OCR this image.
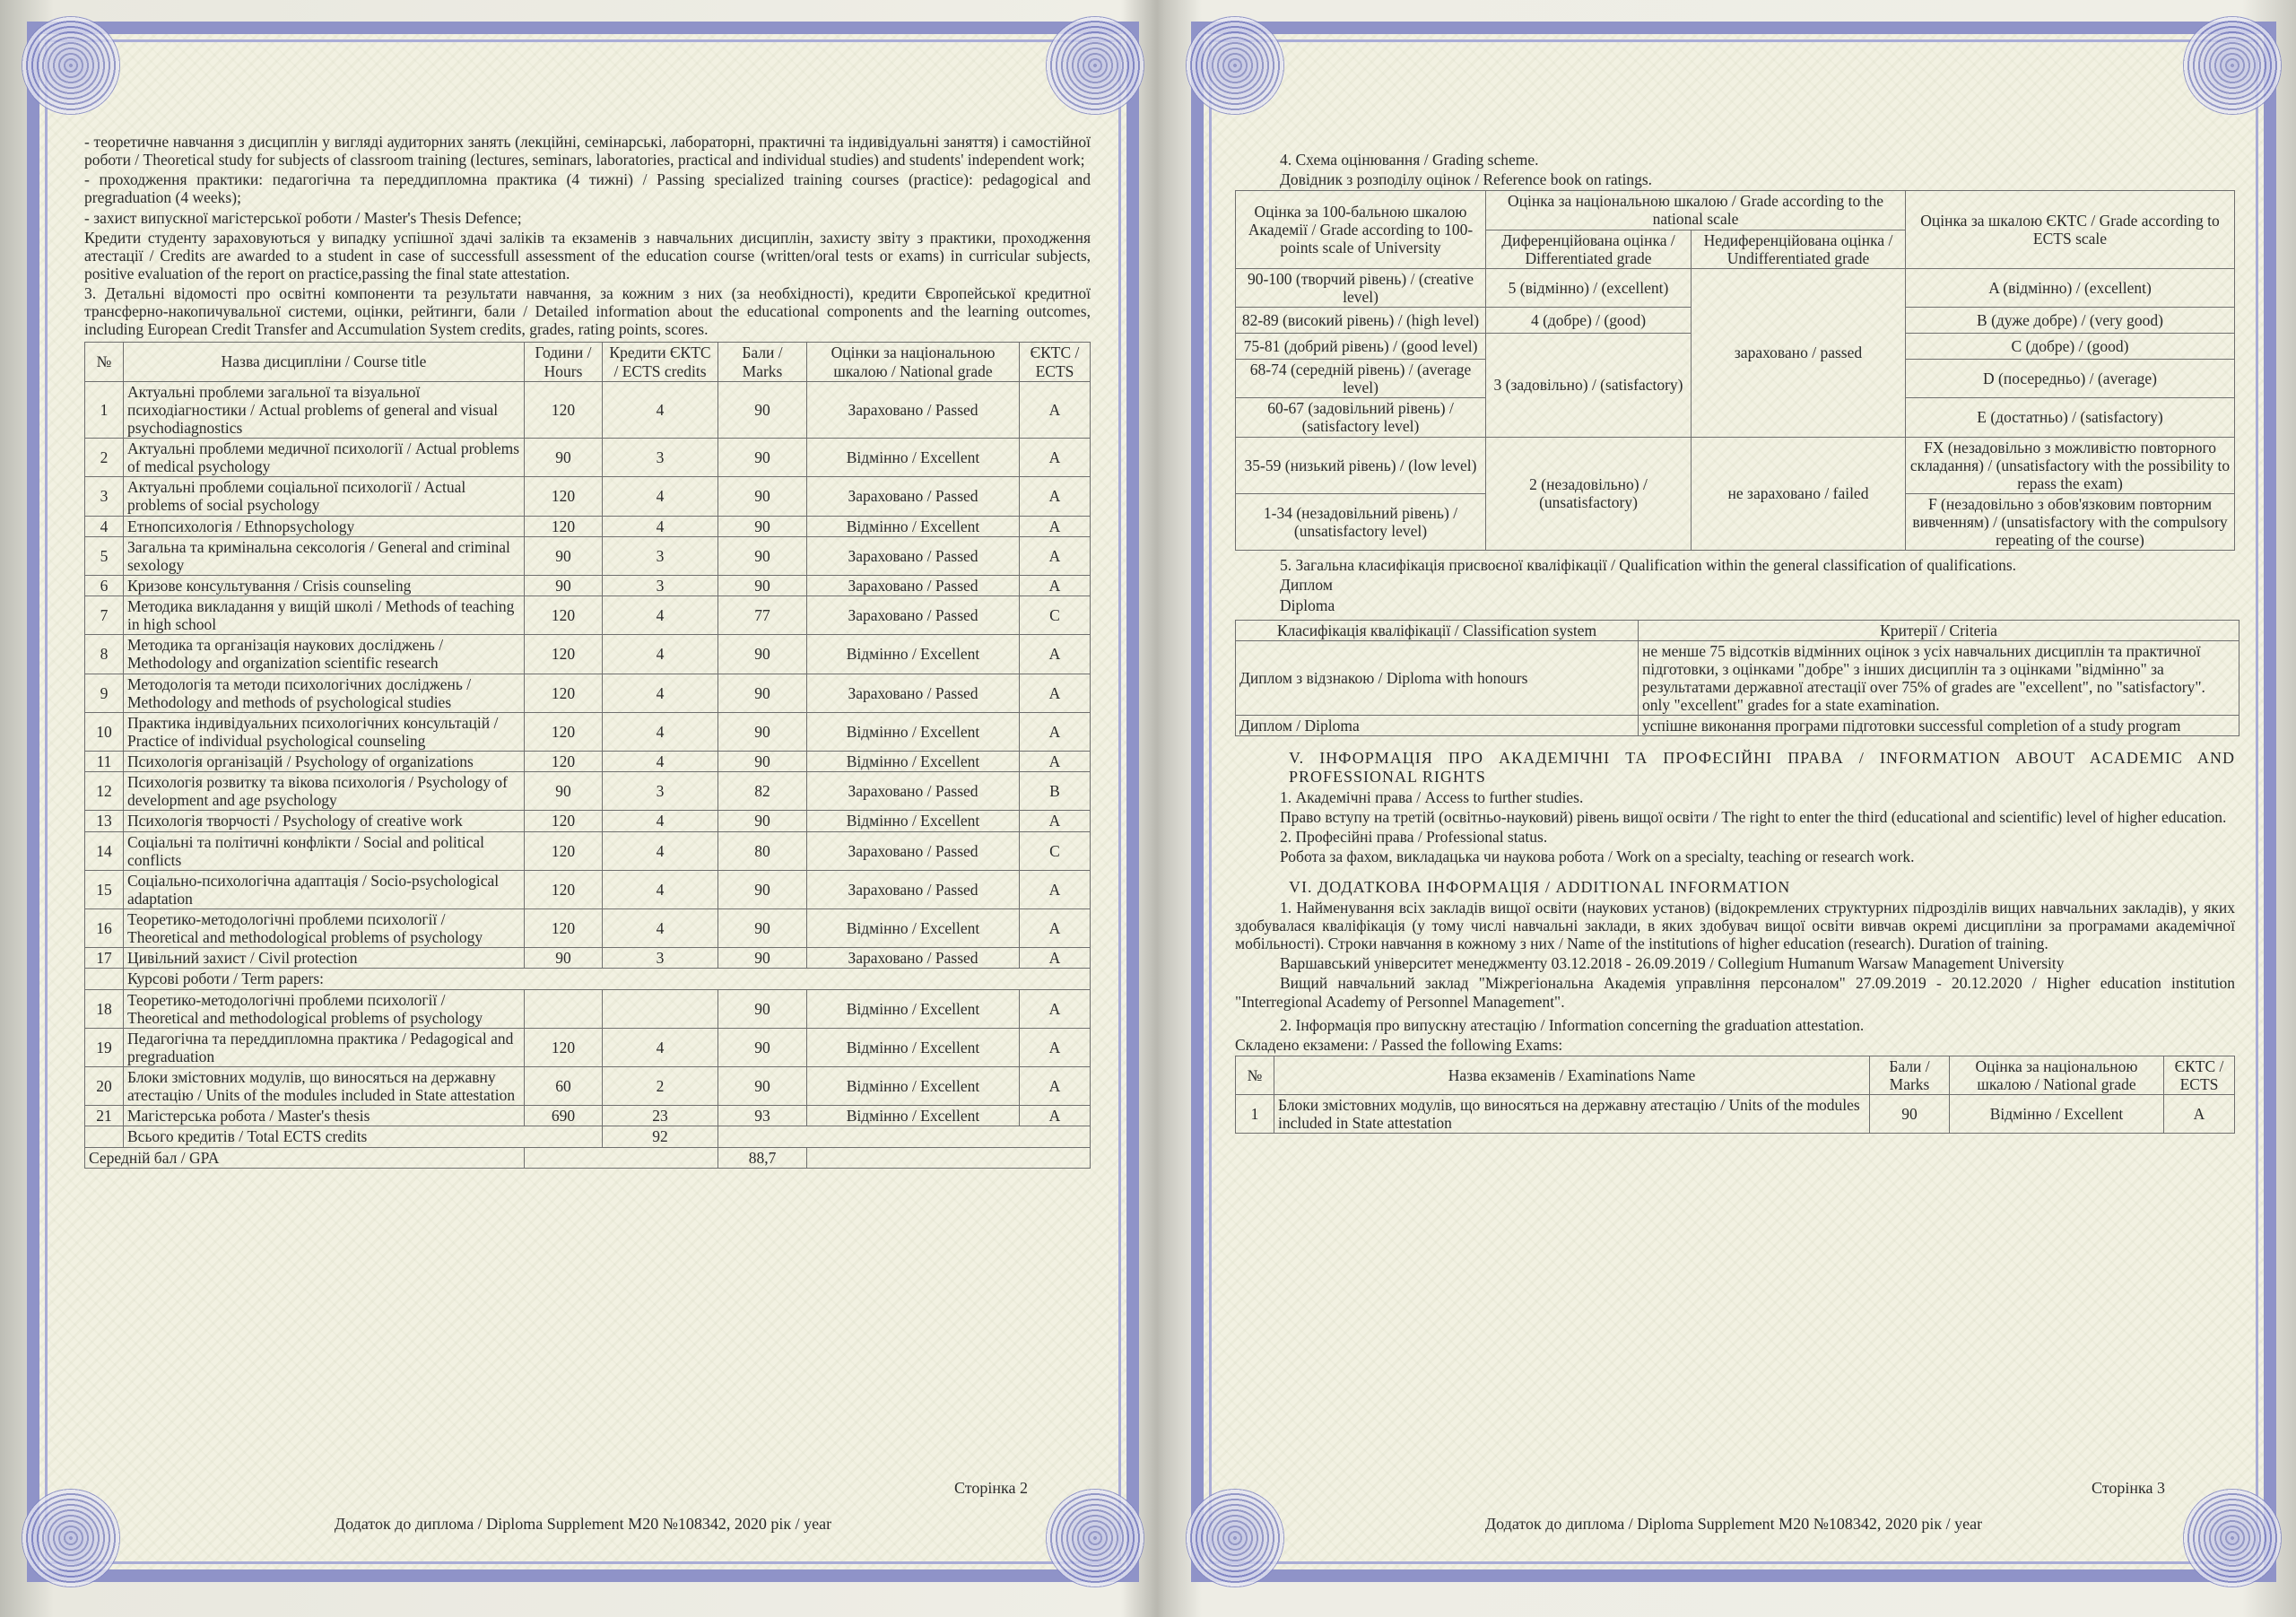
- теоретичне навчання з дисциплін у вигляді аудиторних занять (лекційні, семінарські, лабораторні, практичні та індивідуальні заняття) і самостійної роботи / Theoretical study for subjects of classroom training (lectures, seminars, laboratories, practical and individual studies) and students' independent work;

- проходження практики: педагогічна та переддипломна практика (4 тижні) / Passing specialized training courses (practice): pedagogical and pregraduation (4 weeks);

- захист випускної магістерської роботи / Master's Thesis Defence;

Кредити студенту зараховуються у випадку успішної здачі заліків та екзаменів з навчальних дисциплін, захисту звіту з практики, проходження атестації / Credits are awarded to a student in case of successfull assessment of the education course (written/oral tests or exams) in curricular subjects, positive evaluation of the report on practice,passing the final state attestation.

3. Детальні відомості про освітні компоненти та результати навчання, за кожним з них (за необхідності), кредити Європейської кредитної трансферно-накопичувальної системи, оцінки, рейтинги, бали / Detailed information about the educational components and the learning outcomes, including European Credit Transfer and Accumulation System credits, grades, rating points, scores.

№	Назва дисципліни / Course title	Години / Hours	Кредити ЄКТС / ECTS credits	Бали / Marks	Оцінки за національною шкалою / National grade	ЄКТС / ECTS
1	Актуальні проблеми загальної та візуальної психодіагностики / Actual problems of general and visual psychodiagnostics	120	4	90	Зараховано / Passed	A
2	Актуальні проблеми медичної психології / Actual problems of medical psychology	90	3	90	Відмінно / Excellent	A
3	Актуальні проблеми соціальної психології / Actual problems of social psychology	120	4	90	Зараховано / Passed	A
4	Етнопсихологія / Ethnopsychology	120	4	90	Відмінно / Excellent	A
5	Загальна та кримінальна сексологія / General and criminal sexology	90	3	90	Зараховано / Passed	A
6	Кризове консультування / Crisis counseling	90	3	90	Зараховано / Passed	A
7	Методика викладання у вищій школі / Methods of teaching in high school	120	4	77	Зараховано / Passed	C
8	Методика та організація наукових досліджень / Methodology and organization scientific research	120	4	90	Відмінно / Excellent	A
9	Методологія та методи психологічних досліджень / Methodology and methods of psychological studies	120	4	90	Зараховано / Passed	A
10	Практика індивідуальних психологічних консультацій / Practice of individual psychological counseling	120	4	90	Відмінно / Excellent	A
11	Психологія організацій / Psychology of organizations	120	4	90	Відмінно / Excellent	A
12	Психологія розвитку та вікова психологія / Psychology of development and age psychology	90	3	82	Зараховано / Passed	B
13	Психологія творчості / Psychology of creative work	120	4	90	Відмінно / Excellent	A
14	Соціальні та політичні конфлікти / Social and political conflicts	120	4	80	Зараховано / Passed	C
15	Соціально-психологічна адаптація / Socio-psychological adaptation	120	4	90	Зараховано / Passed	A
16	Теоретико-методологічні проблеми психології / Theoretical and methodological problems of psychology	120	4	90	Відмінно / Excellent	A
17	Цивільний захист / Civil protection	90	3	90	Зараховано / Passed	A
	Курсові роботи / Term papers:					
18	Теоретико-методологічні проблеми психології / Theoretical and methodological problems of psychology			90	Відмінно / Excellent	A
19	Педагогічна та переддипломна практика / Pedagogical and pregraduation	120	4	90	Відмінно / Excellent	A
20	Блоки змістовних модулів, що виносяться на державну атестацію / Units of the modules included in State attestation	60	2	90	Відмінно / Excellent	A
21	Магістерська робота / Master's thesis	690	23	93	Відмінно / Excellent	A
	Всього кредитів / Total ECTS credits		92			
Середній бал / GPA				88,7		
Сторінка 2
Додаток до диплома / Diploma Supplement М20 №108342, 2020 рік / year

4. Схема оцінювання / Grading scheme.

Довідник з розподілу оцінок / Reference book on ratings.

Оцінка за 100-бальною шкалою Академії / Grade according to 100-points scale of University	Оцінка за національною шкалою / Grade according to the national scale		Оцінка за шкалою ЄКТС / Grade according to ECTS scale
	Диференційована оцінка / Differentiated grade	Недиференційована оцінка / Undifferentiated grade	
90-100 (творчий рівень) / (creative level)	5 (відмінно) / (excellent)	зараховано / passed	A (відмінно) / (excellent)
82-89 (високий рівень) / (high level)	4 (добре) / (good)		B (дуже добре) / (very good)
75-81 (добрий рівень) / (good level)	3 (задовільно) / (satisfactory)		C (добре) / (good)
68-74 (середній рівень) / (average level)			D (посередньо) / (average)
60-67 (задовільний рівень) / (satisfactory level)			E (достатньо) / (satisfactory)
35-59 (низький рівень) / (low level)	2 (незадовільно) / (unsatisfactory)	не зараховано / failed	FX (незадовільно з можливістю повторного складання) / (unsatisfactory with the possibility to repass the exam)
1-34 (незадовільний рівень) / (unsatisfactory level)			F (незадовільно з обов'язковим повторним вивченням) / (unsatisfactory with the compulsory repeating of the course)

5. Загальна класифікація присвоєної кваліфікації / Qualification within the general classification of qualifications.

Диплом

Diploma

Класифікація кваліфікації / Classification system	Критерії / Criteria
Диплом з відзнакою / Diploma with honours	не менше 75 відсотків відмінних оцінок з усіх навчальних дисциплін та практичної підготовки, з оцінками "добре" з інших дисциплін та з оцінками "відмінно" за результатами державної атестації over 75% of grades are "excellent", no "satisfactory". only "excellent" grades for a state examination.
Диплом / Diploma	успішне виконання програми підготовки successful completion of a study program

V. ІНФОРМАЦІЯ ПРО АКАДЕМІЧНІ ТА ПРОФЕСІЙНІ ПРАВА / INFORMATION ABOUT ACADEMIC AND PROFESSIONAL RIGHTS

1. Академічні права / Access to further studies.

Право вступу на третій (освітньо-науковий) рівень вищої освіти / The right to enter the third (educational and scientific) level of higher education.

2. Професійні права / Professional status.

Робота за фахом, викладацька чи наукова робота / Work on a specialty, teaching or research work.

VI. ДОДАТКОВА ІНФОРМАЦІЯ / ADDITIONAL INFORMATION

1. Найменування всіх закладів вищої освіти (наукових установ) (відокремлених структурних підрозділів вищих навчальних закладів), у яких здобувалася кваліфікація (у тому числі навчальні заклади, в яких здобувач вищої освіти вивчав окремі дисципліни за програмами академічної мобільності). Строки навчання в кожному з них / Name of the institutions of higher education (research). Duration of training.

Варшавський університет менеджменту 03.12.2018 - 26.09.2019 / Collegium Humanum Warsaw Management University

Вищий навчальний заклад "Міжрегіональна Академія управління персоналом" 27.09.2019 - 20.12.2020 / Higher education institution "Interregional Academy of Personnel Management".

2. Інформація про випускну атестацію / Information concerning the graduation attestation.

Складено екзамени: / Passed the following Exams:

№	Назва екзаменів / Examinations Name	Бали / Marks	Оцінка за національною шкалою / National grade	ЄКТС / ECTS
1	Блоки змістовних модулів, що виносяться на державну атестацію / Units of the modules included in State attestation	90	Відмінно / Excellent	A
Сторінка 3
Додаток до диплома / Diploma Supplement М20 №108342, 2020 рік / year
